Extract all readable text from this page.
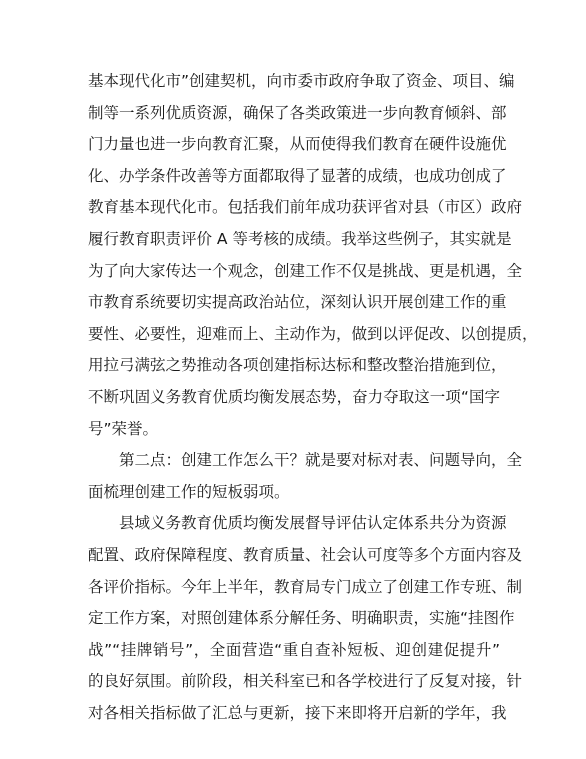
基本现代化市”创建契机，向市委市政府争取了资金、项目、编
制等一系列优质资源，确保了各类政策进一步向教育倾斜、部
门力量也进一步向教育汇聚，从而使得我们教育在硬件设施优
化、办学条件改善等方面都取得了显著的成绩，也成功创成了
教育基本现代化市。包括我们前年成功获评省对县（市区）政府
履行教育职责评价 A 等考核的成绩。我举这些例子，其实就是
为了向大家传达一个观念，创建工作不仅是挑战、更是机遇，全
市教育系统要切实提高政治站位，深刻认识开展创建工作的重
要性、必要性，迎难而上、主动作为，做到以评促改、以创提质，
用拉弓满弦之势推动各项创建指标达标和整改整治措施到位，
不断巩固义务教育优质均衡发展态势，奋力夺取这一项“国字
号”荣誉。
第二点：创建工作怎么干？就是要对标对表、问题导向，全
面梳理创建工作的短板弱项。
县域义务教育优质均衡发展督导评估认定体系共分为资源
配置、政府保障程度、教育质量、社会认可度等多个方面内容及
各评价指标。今年上半年，教育局专门成立了创建工作专班、制
定工作方案，对照创建体系分解任务、明确职责，实施“挂图作
战”“挂牌销号”，全面营造“重自查补短板、迎创建促提升”
的良好氛围。前阶段，相关科室已和各学校进行了反复对接，针
对各相关指标做了汇总与更新，接下来即将开启新的学年，我
